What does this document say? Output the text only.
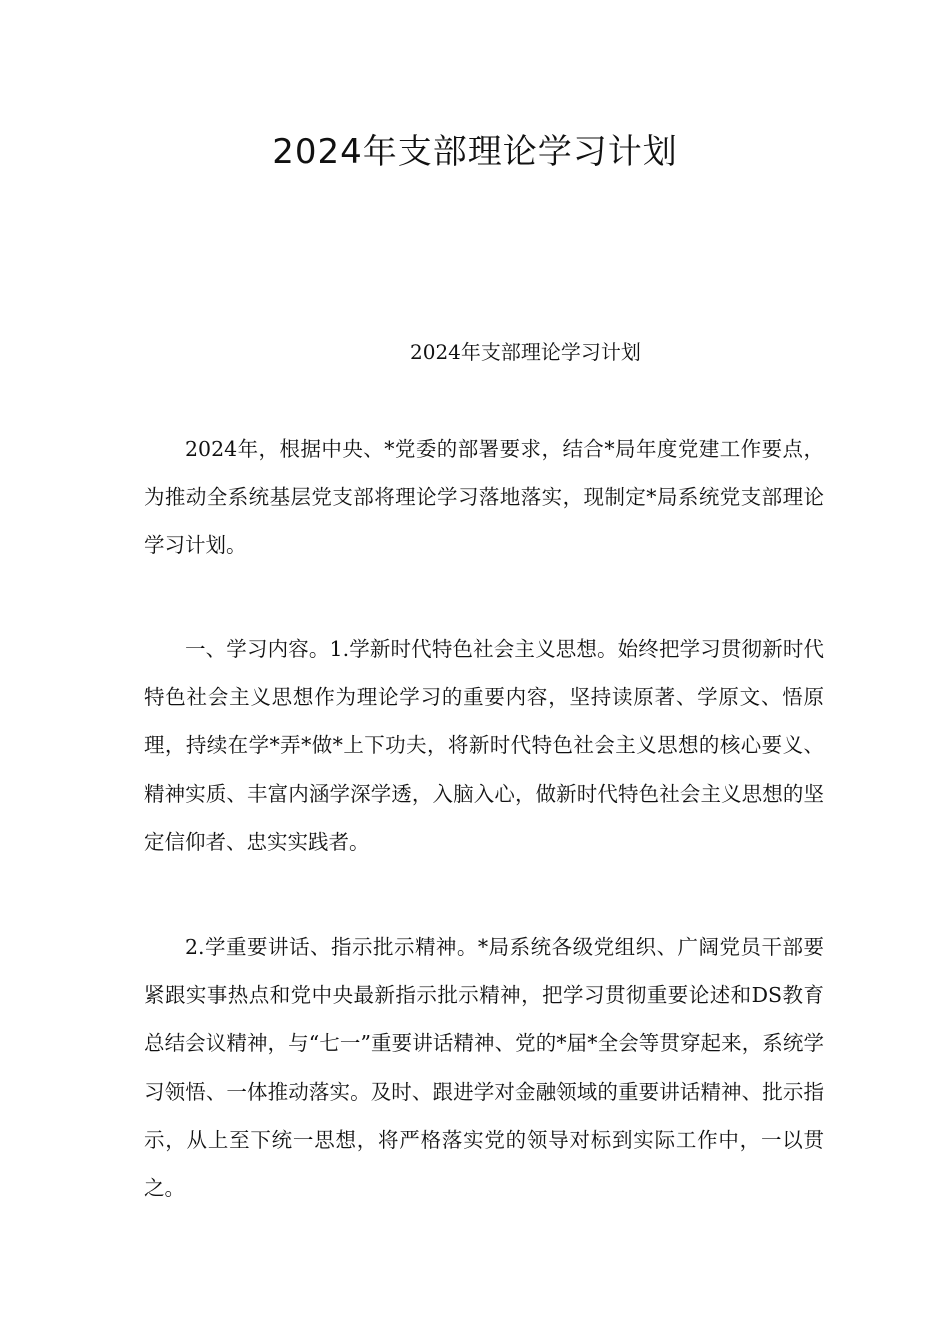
2024年支部理论学习计划

2024年支部理论学习计划

2024年，根据中央、*党委的部署要求，结合*局年度党建工作要点，为推动全系统基层党支部将理论学习落地落实，现制定*局系统党支部理论学习计划。

一、学习内容。1.学新时代特色社会主义思想。始终把学习贯彻新时代特色社会主义思想作为理论学习的重要内容，坚持读原著、学原文、悟原理，持续在学*弄*做*上下功夫，将新时代特色社会主义思想的核心要义、精神实质、丰富内涵学深学透，入脑入心，做新时代特色社会主义思想的坚定信仰者、忠实实践者。

2.学重要讲话、指示批示精神。*局系统各级党组织、广阔党员干部要紧跟实事热点和党中央最新指示批示精神，把学习贯彻重要论述和DS教育总结会议精神，与“七一”重要讲话精神、党的*届*全会等贯穿起来，系统学习领悟、一体推动落实。及时、跟进学对金融领域的重要讲话精神、批示指示，从上至下统一思想，将严格落实党的领导对标到实际工作中，一以贯之。
